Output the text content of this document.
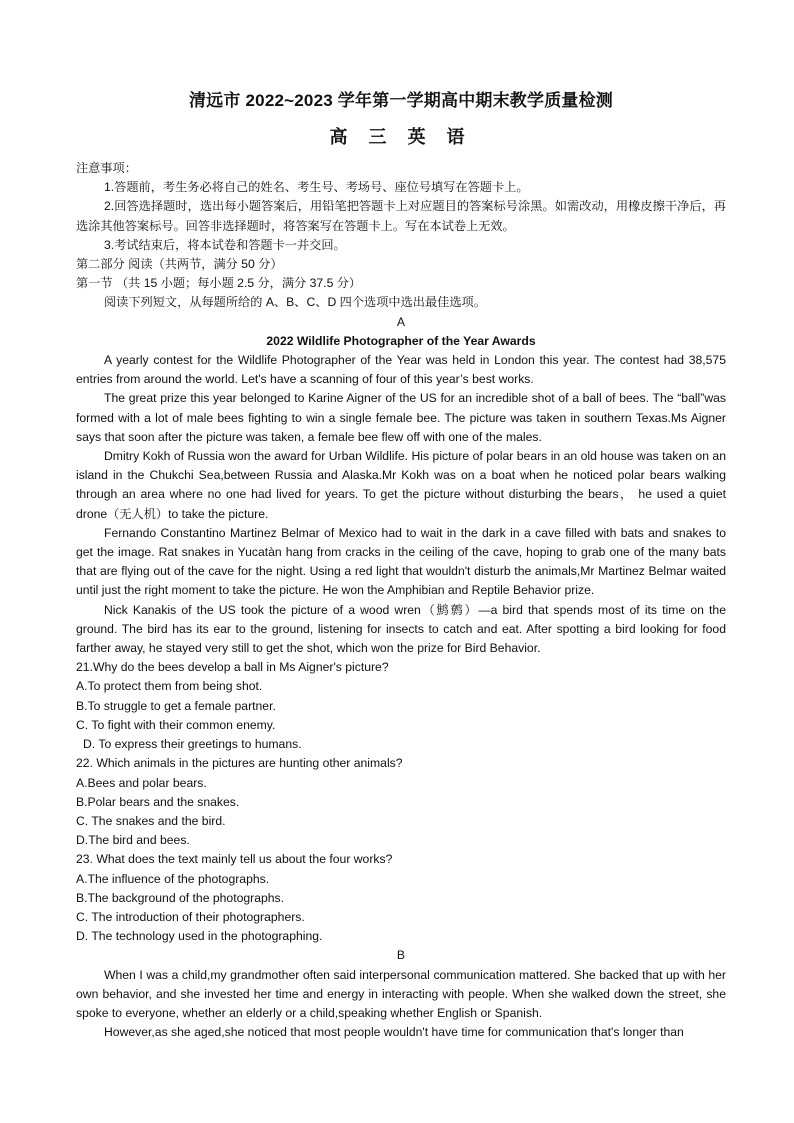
清远市 2022~2023 学年第一学期高中期末教学质量检测

高 三 英 语

注意事项：

1.答题前，考生务必将自己的姓名、考生号、考场号、座位号填写在答题卡上。

2.回答选择题时，选出每小题答案后，用铅笔把答题卡上对应题目的答案标号涂黑。如需改动，用橡皮擦干净后，再选涂其他答案标号。回答非选择题时，将答案写在答题卡上。写在本试卷上无效。

3.考试结束后，将本试卷和答题卡一并交回。

第二部分 阅读（共两节，满分 50 分）

第一节 （共 15 小题；每小题 2.5 分，满分 37.5 分）

阅读下列短文，从每题所给的 A、B、C、D 四个选项中选出最佳选项。

A

2022 Wildlife Photographer of the Year Awards

A yearly contest for the Wildlife Photographer of the Year was held in London this year. The contest had 38,575 entries from around the world. Let's have a scanning of four of this year’s best works.

The great prize this year belonged to Karine Aigner of the US for an incredible shot of a ball of bees. The “ball”was formed with a lot of male bees fighting to win a single female bee. The picture was taken in southern Texas.Ms Aigner says that soon after the picture was taken, a female bee flew off with one of the males.

Dmitry Kokh of Russia won the award for Urban Wildlife. His picture of polar bears in an old house was taken on an island in the Chukchi Sea,between Russia and Alaska.Mr Kokh was on a boat when he noticed polar bears walking through an area where no one had lived for years. To get the picture without disturbing the bears， he used a quiet drone（无人机）to take the picture.

Fernando Constantino Martinez Belmar of Mexico had to wait in the dark in a cave filled with bats and snakes to get the image. Rat snakes in Yucatàn hang from cracks in the ceiling of the cave, hoping to grab one of the many bats that are flying out of the cave for the night. Using a red light that wouldn't disturb the animals,Mr Martinez Belmar waited until just the right moment to take the picture. He won the Amphibian and Reptile Behavior prize.

Nick Kanakis of the US took the picture of a wood wren（鹪鹩）—a bird that spends most of its time on the ground. The bird has its ear to the ground, listening for insects to catch and eat. After spotting a bird looking for food farther away, he stayed very still to get the shot, which won the prize for Bird Behavior.

21.Why do the bees develop a ball in Ms Aigner's picture?

A.To protect them from being shot.

B.To struggle to get a female partner.

C. To fight with their common enemy.

D. To express their greetings to humans.

22. Which animals in the pictures are hunting other animals?

A.Bees and polar bears.

B.Polar bears and the snakes.

C. The snakes and the bird.

D.The bird and bees.

23. What does the text mainly tell us about the four works?

A.The influence of the photographs.

B.The background of the photographs.

C. The introduction of their photographers.

D. The technology used in the photographing.

B

When I was a child,my grandmother often said interpersonal communication mattered. She backed that up with her own behavior, and she invested her time and energy in interacting with people. When she walked down the street, she spoke to everyone, whether an elderly or a child,speaking whether English or Spanish.

However,as she aged,she noticed that most people wouldn't have time for communication that's longer than
